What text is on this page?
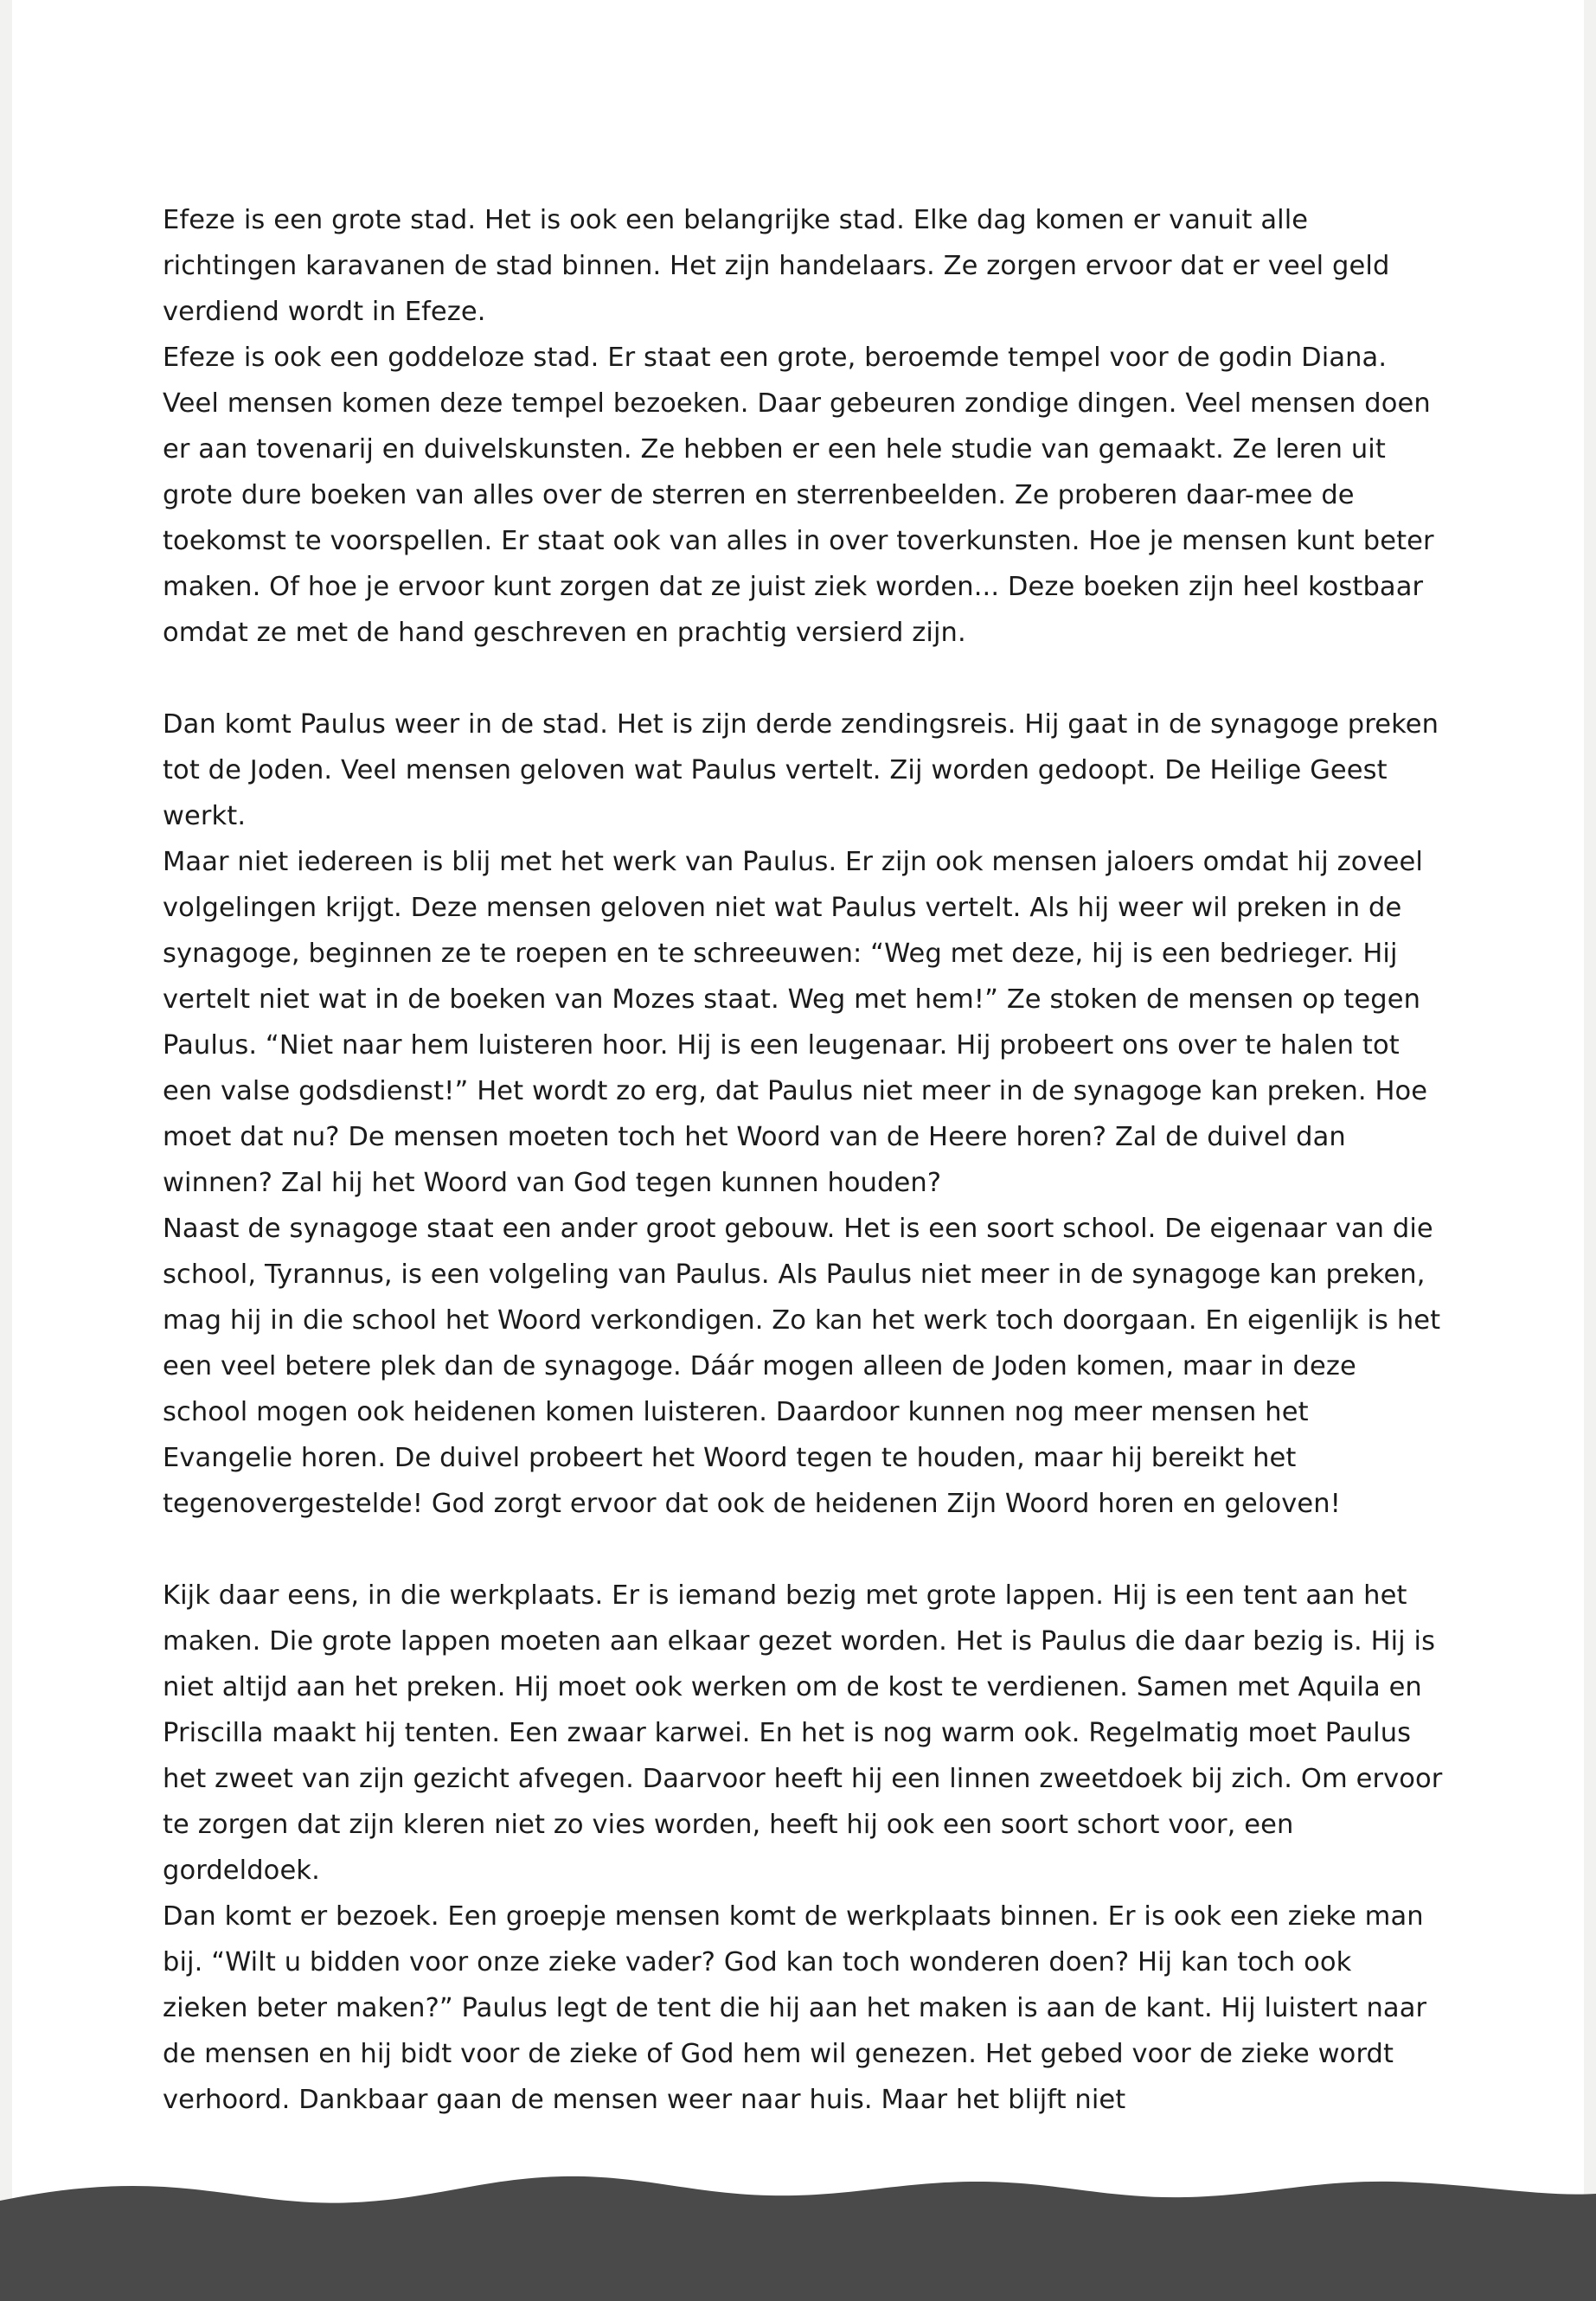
Efeze is een grote stad. Het is ook een belangrijke stad. Elke dag komen er vanuit alle richtingen karavanen de stad binnen. Het zijn handelaars. Ze zorgen ervoor dat er veel geld verdiend wordt in Efeze.

Efeze is ook een goddeloze stad. Er staat een grote, beroemde tempel voor de godin Diana. Veel mensen komen deze tempel bezoeken. Daar gebeuren zondige dingen. Veel mensen doen er aan tovenarij en duivelskunsten. Ze hebben er een hele studie van gemaakt. Ze leren uit grote dure boeken van alles over de sterren en sterrenbeelden. Ze proberen daar-mee de toekomst te voorspellen. Er staat ook van alles in over toverkunsten. Hoe je mensen kunt beter maken. Of hoe je ervoor kunt zorgen dat ze juist ziek worden... Deze boeken zijn heel kostbaar omdat ze met de hand geschreven en prachtig versierd zijn.

Dan komt Paulus weer in de stad. Het is zijn derde zendingsreis. Hij gaat in de synagoge preken tot de Joden. Veel mensen geloven wat Paulus vertelt. Zij worden gedoopt. De Heilige Geest werkt.

Maar niet iedereen is blij met het werk van Paulus. Er zijn ook mensen jaloers omdat hij zoveel volgelingen krijgt. Deze mensen geloven niet wat Paulus vertelt. Als hij weer wil preken in de synagoge, beginnen ze te roepen en te schreeuwen: “Weg met deze, hij is een bedrieger. Hij vertelt niet wat in de boeken van Mozes staat. Weg met hem!” Ze stoken de mensen op tegen Paulus. “Niet naar hem luisteren hoor. Hij is een leugenaar. Hij probeert ons over te halen tot een valse godsdienst!” Het wordt zo erg, dat Paulus niet meer in de synagoge kan preken. Hoe moet dat nu? De mensen moeten toch het Woord van de Heere horen? Zal de duivel dan winnen? Zal hij het Woord van God tegen kunnen houden?

Naast de synagoge staat een ander groot gebouw. Het is een soort school. De eigenaar van die school, Tyrannus, is een volgeling van Paulus. Als Paulus niet meer in de synagoge kan preken, mag hij in die school het Woord verkondigen. Zo kan het werk toch doorgaan. En eigenlijk is het een veel betere plek dan de synagoge. Dáár mogen alleen de Joden komen, maar in deze school mogen ook heidenen komen luisteren. Daardoor kunnen nog meer mensen het Evangelie horen. De duivel probeert het Woord tegen te houden, maar hij bereikt het tegenovergestelde! God zorgt ervoor dat ook de heidenen Zijn Woord horen en geloven!

Kijk daar eens, in die werkplaats. Er is iemand bezig met grote lappen. Hij is een tent aan het maken. Die grote lappen moeten aan elkaar gezet worden. Het is Paulus die daar bezig is. Hij is niet altijd aan het preken. Hij moet ook werken om de kost te verdienen. Samen met Aquila en Priscilla maakt hij tenten. Een zwaar karwei. En het is nog warm ook. Regelmatig moet Paulus het zweet van zijn gezicht afvegen. Daarvoor heeft hij een linnen zweetdoek bij zich. Om ervoor te zorgen dat zijn kleren niet zo vies worden, heeft hij ook een soort schort voor, een gordeldoek.

Dan komt er bezoek. Een groepje mensen komt de werkplaats binnen. Er is ook een zieke man bij. “Wilt u bidden voor onze zieke vader? God kan toch wonderen doen? Hij kan toch ook zieken beter maken?” Paulus legt de tent die hij aan het maken is aan de kant. Hij luistert naar de mensen en hij bidt voor de zieke of God hem wil genezen. Het gebed voor de zieke wordt verhoord. Dankbaar gaan de mensen weer naar huis. Maar het blijft niet
